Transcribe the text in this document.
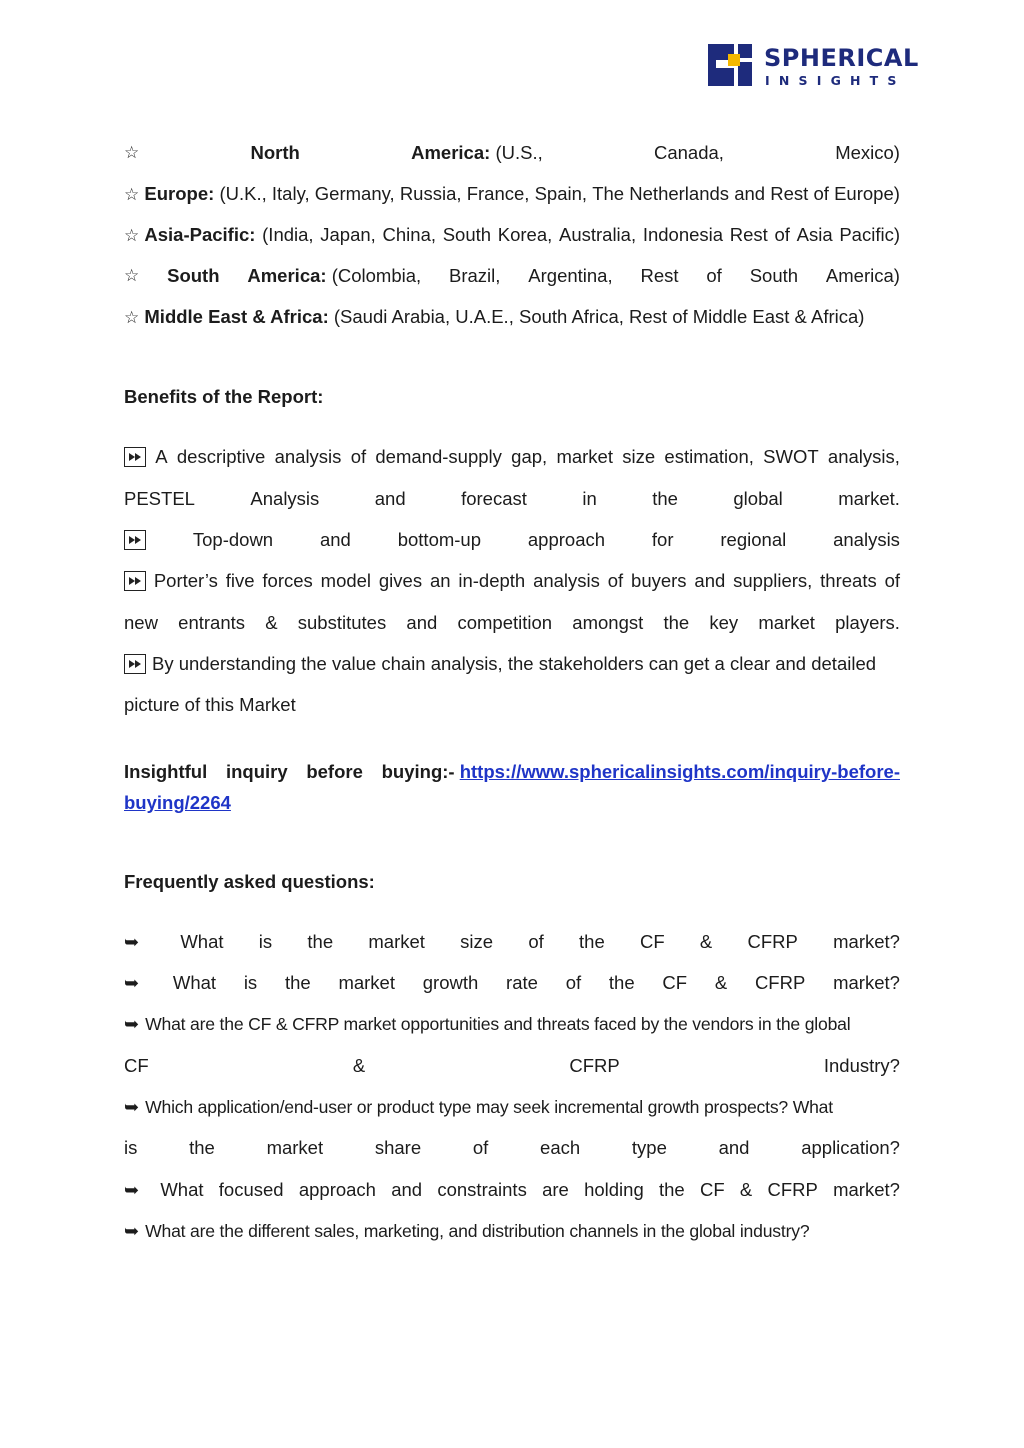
SPHERICAL
INSIGHTS
☆	North	America: (U.S.,	Canada,	Mexico)
☆ Europe: (U.K., Italy, Germany, Russia, France, Spain, The Netherlands and Rest of Europe)
☆ Asia-Pacific: (India, Japan, China, South Korea, Australia, Indonesia Rest of Asia Pacific)
☆ South America: (Colombia, Brazil, Argentina, Rest of South America)
☆ Middle East & Africa: (Saudi Arabia, U.A.E., South Africa, Rest of Middle East & Africa)
Benefits of the Report:
A descriptive analysis of demand-supply gap, market size estimation, SWOT analysis,
PESTEL	Analysis	and	forecast	in	the	global	market.
Top-down	and	bottom-up	approach	for	regional	analysis
Porter’s five forces model gives an in-depth analysis of buyers and suppliers, threats of
new entrants & substitutes and competition amongst the key market players.
By understanding the value chain analysis, the stakeholders can get a clear and detailed
picture of this Market
Insightful inquiry before buying:- https://www.sphericalinsights.com/inquiry-before-
buying/2264
Frequently asked questions:
➥ What is the market size of the CF & CFRP market?
➥ What is the market growth rate of the CF & CFRP market?
➥ What are the CF & CFRP market opportunities and threats faced by the vendors in the global
CF	&	CFRP	Industry?
➥ Which application/end-user or product type may seek incremental growth prospects? What
is	the	market	share	of	each	type	and	application?
➥ What focused approach and constraints are holding the CF & CFRP market?
➥ What are the different sales, marketing, and distribution channels in the global industry?
